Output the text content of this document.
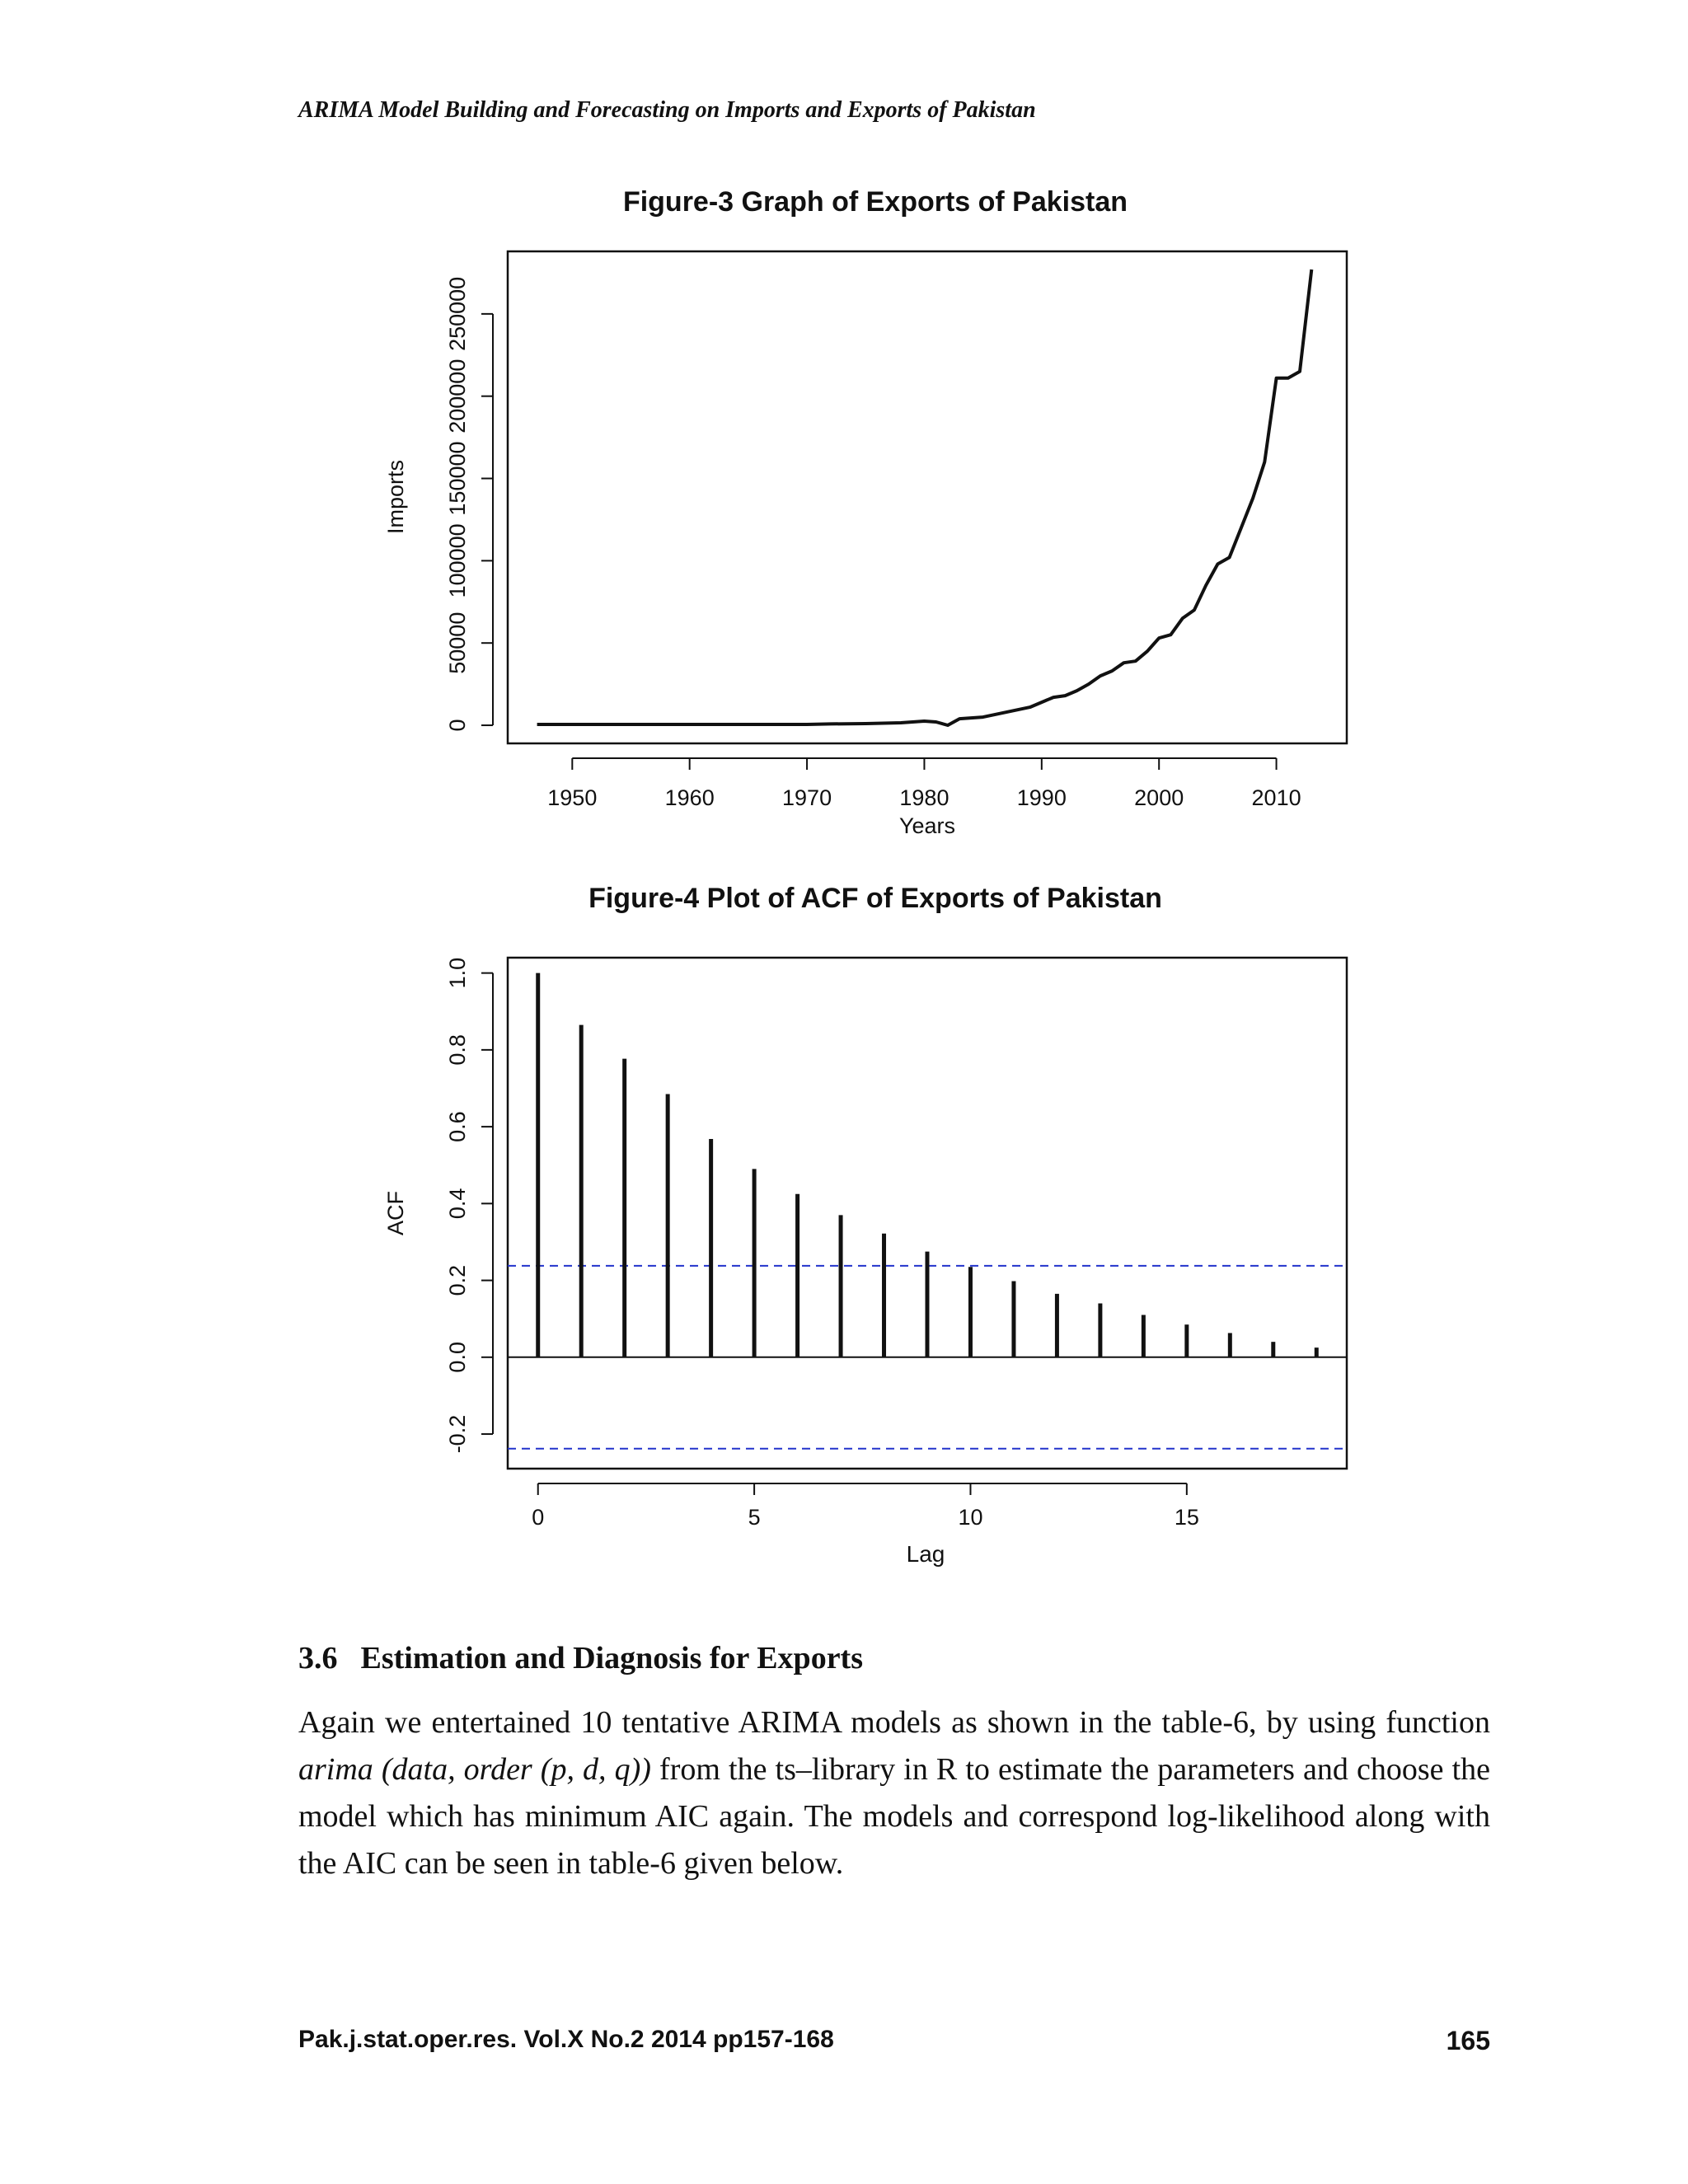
ARIMA Model Building and Forecasting on Imports and Exports of Pakistan
Figure-3 Graph of Exports of Pakistan
1950	1960	1970	1980	1990	2000	2010
0
50000
100000
150000
200000
250000
Years
Imports
Figure-4 Plot of ACF of Exports of Pakistan
0	5	10	15
-0.2
0.0
0.2
0.4
0.6
0.8
1.0
Lag
ACF
3.6 Estimation and Diagnosis for Exports
Again we entertained 10 tentative ARIMA models as shown in the table-6, by using function arima (data, order (p, d, q)) from the ts–library in R to estimate the parameters and choose the model which has minimum AIC again. The models and correspond log-likelihood along with the AIC can be seen in table-6 given below.
Pak.j.stat.oper.res. Vol.X No.2 2014 pp157-168	165
